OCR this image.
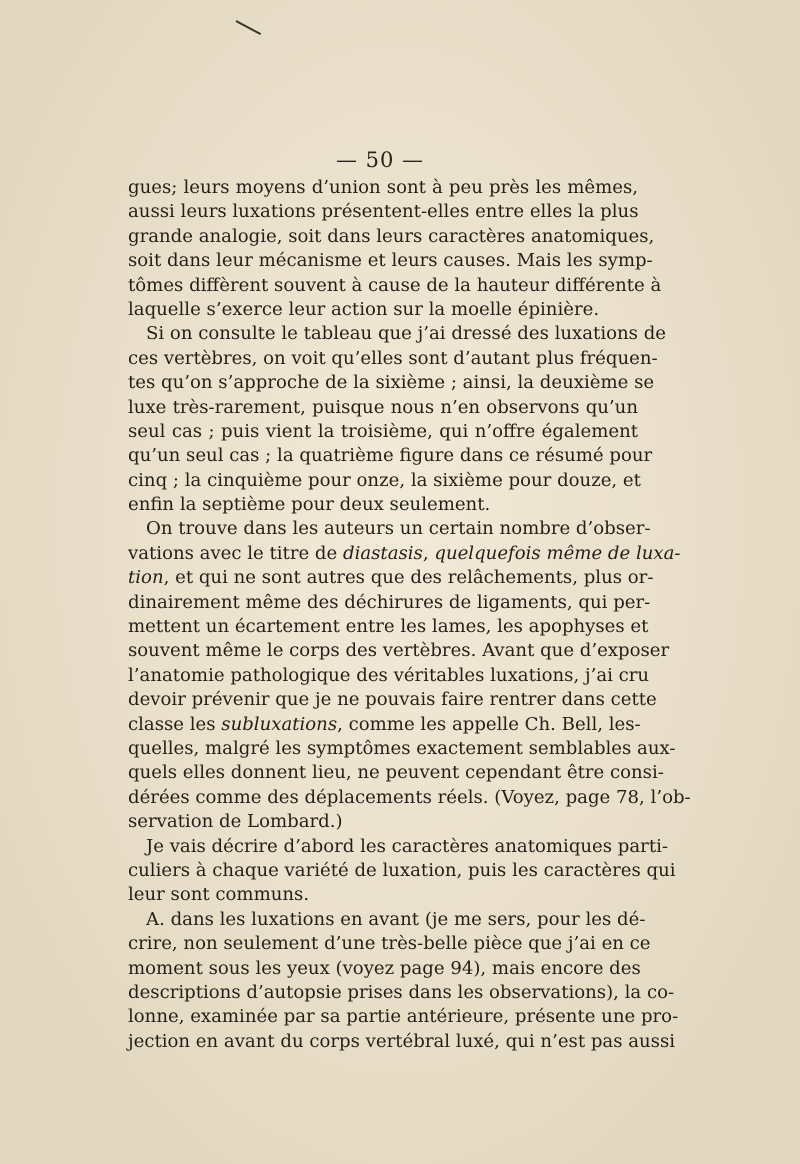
— 50 —
gues; leurs moyens d’union sont à peu près les mêmes,
aussi leurs luxations présentent-elles entre elles la plus
grande analogie, soit dans leurs caractères anatomiques,
soit dans leur mécanisme et leurs causes. Mais les symp-
tômes diffèrent souvent à cause de la hauteur différente à
laquelle s’exerce leur action sur la moelle épinière.
Si on consulte le tableau que j’ai dressé des luxations de
ces vertèbres, on voit qu’elles sont d’autant plus fréquen-
tes qu’on s’approche de la sixième ; ainsi, la deuxième se
luxe très-rarement, puisque nous n’en observons qu’un
seul cas ; puis vient la troisième, qui n’offre également
qu’un seul cas ; la quatrième figure dans ce résumé pour
cinq ; la cinquième pour onze, la sixième pour douze, et
enfin la septième pour deux seulement.
On trouve dans les auteurs un certain nombre d’obser-
vations avec le titre de diastasis, quelquefois même de luxa-
tion, et qui ne sont autres que des relâchements, plus or-
dinairement même des déchirures de ligaments, qui per-
mettent un écartement entre les lames, les apophyses et
souvent même le corps des vertèbres. Avant que d’exposer
l’anatomie pathologique des véritables luxations, j’ai cru
devoir prévenir que je ne pouvais faire rentrer dans cette
classe les subluxations, comme les appelle Ch. Bell, les-
quelles, malgré les symptômes exactement semblables aux-
quels elles donnent lieu, ne peuvent cependant être consi-
dérées comme des déplacements réels. (Voyez, page 78, l’ob-
servation de Lombard.)
Je vais décrire d’abord les caractères anatomiques parti-
culiers à chaque variété de luxation, puis les caractères qui
leur sont communs.
A. dans les luxations en avant (je me sers, pour les dé-
crire, non seulement d’une très-belle pièce que j’ai en ce
moment sous les yeux (voyez page 94), mais encore des
descriptions d’autopsie prises dans les observations), la co-
lonne, examinée par sa partie antérieure, présente une pro-
jection en avant du corps vertébral luxé, qui n’est pas aussi
